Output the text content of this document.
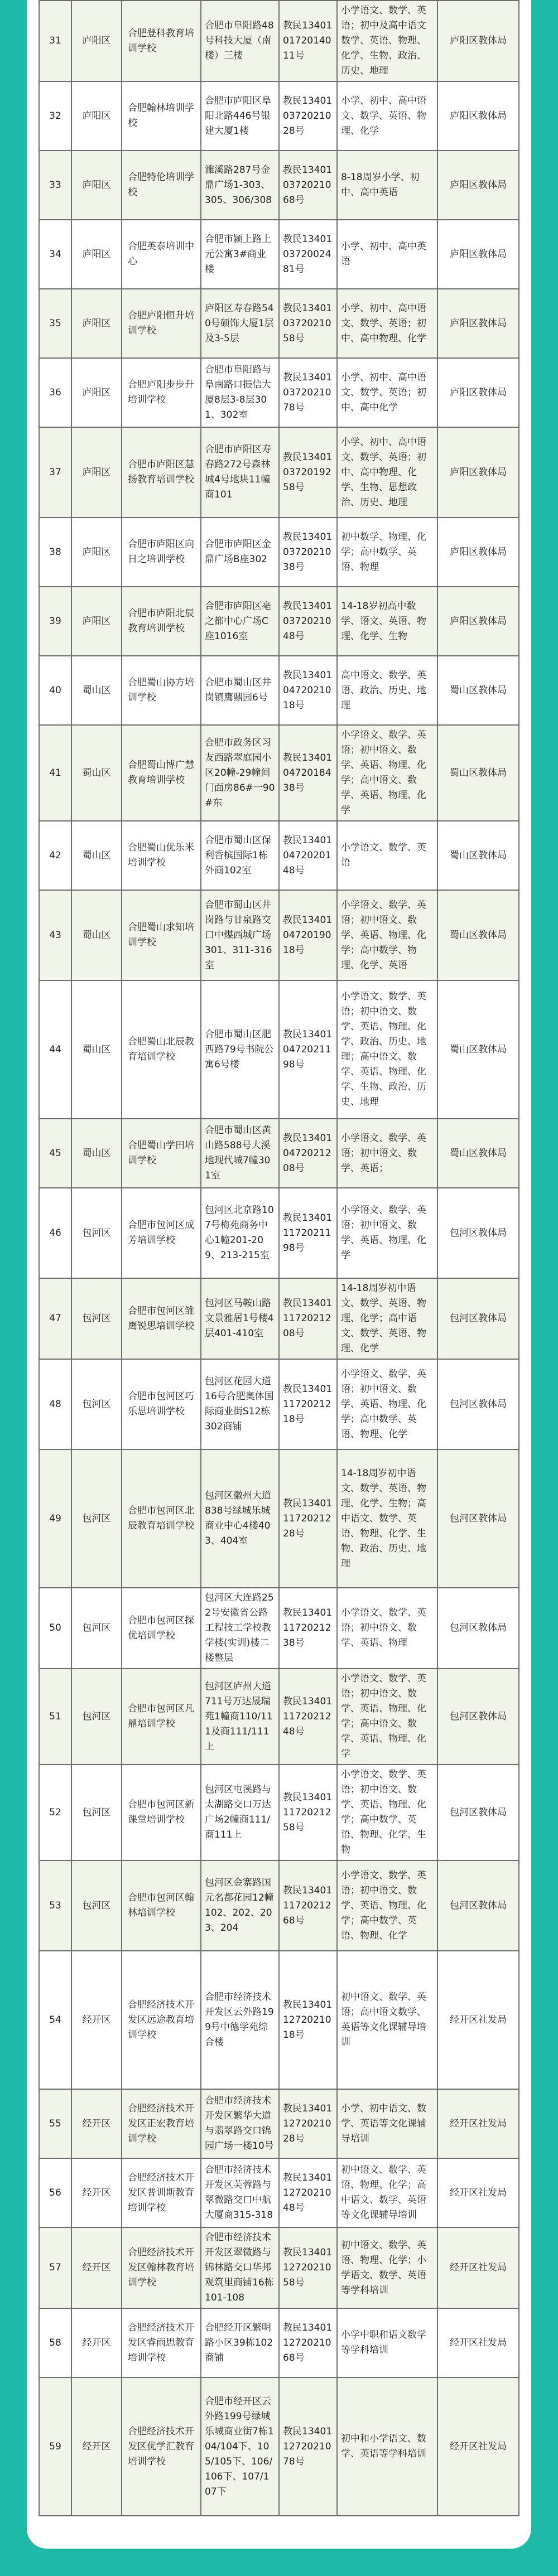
31	庐阳区	合肥登科教育培训学校	合肥市阜阳路48号科技大厦（南楼）三楼	教民134010172014011号	小学语文、数学、英语；初中及高中语文数学、英语、物理、化学、生物、政治、历史、地理	庐阳区教体局
32	庐阳区	合肥翰林培训学校	合肥市庐阳区阜阳北路446号银建大厦1楼	教民134010372021028号	小学、初中、高中语文、数学、英语、物理、化学	庐阳区教体局
33	庐阳区	合肥特伦培训学校	濉溪路287号金鼎广场1-303、305、306/308	教民134010372021068号	8-18周岁小学、初中、高中英语	庐阳区教体局
34	庐阳区	合肥英泰培训中心	合肥市颍上路上元公寓3#商业楼	教民134010372002481号	小学、初中、高中英语	庐阳区教体局
35	庐阳区	合肥庐阳恒升培训学校	庐阳区寿春路540号硕饰大厦1层及3-5层	教民134010372021058号	小学、初中、高中语文、数学、英语；初中、高中物理、化学	庐阳区教体局
36	庐阳区	合肥庐阳步步升培训学校	合肥市阜阳路与阜南路口振信大厦8层3-8层301、302室	教民134010372021078号	小学、初中、高中语文、数学、英语；初中、高中化学	庐阳区教体局
37	庐阳区	合肥市庐阳区慧扬教育培训学校	合肥市庐阳区寿春路272号森林城4号地块11幢商101	教民134010372019258号	小学、初中、高中语文、数学、英语；初中、高中物理、化学、生物、思想政治、历史、地理	庐阳区教体局
38	庐阳区	合肥市庐阳区向日之培训学校	合肥市庐阳区金鼎广场B座302	教民134010372021038号	初中数学、物理、化学；高中数学、英语、物理	庐阳区教体局
39	庐阳区	合肥市庐阳北辰教育培训学校	合肥市庐阳区亳之都中心广场C座1016室	教民134010372021048号	14-18岁初高中数学、语文、英语、物理、化学、生物	庐阳区教体局
40	蜀山区	合肥蜀山协方培训学校	合肥市蜀山区井岗镇鹰鼎园6号	教民134010472021018号	高中语文、数学、英语、政治、历史、地理	蜀山区教体局
41	蜀山区	合肥蜀山博广慧教育培训学校	合肥市政务区习友西路翠庭园小区20幢-29幢间门面房86#一90#东	教民134010472018438号	小学语文、数学、英语；初中语文、数学、英语、物理、化学；高中语文、数学、英语、物理、化学	蜀山区教体局
42	蜀山区	合肥蜀山优乐米培训学校	合肥市蜀山区保利香槟国际1栋外商102室	教民134010472020148号	小学语文、数学、英语	蜀山区教体局
43	蜀山区	合肥蜀山求知培训学校	合肥市蜀山区井岗路与甘泉路交口中煤西城广场301、311-316室	教民134010472019018号	小学语文、数学、英语；初中语文、数学、英语、物理、化学；高中数学、物理、化学、英语	蜀山区教体局
44	蜀山区	合肥蜀山北辰教育培训学校	合肥市蜀山区肥西路79号书院公寓6号楼	教民134010472021198号	小学语文、数学、英语；初中语文、数学、英语、物理、化学、政治、历史、地理；高中语文、数学、英语、物理、化学、生物、政治、历史、地理	蜀山区教体局
45	蜀山区	合肥蜀山学田培训学校	合肥市蜀山区黄山路588号大溪地现代城7幢301室	教民134010472021208号	小学语文、数学、英语；初中语文、数学、英语；	蜀山区教体局
46	包河区	合肥市包河区成芳培训学校	包河区北京路107号梅苑商务中心1幢201-209、213-215室	教民134011172021198号	小学语文、数学、英语；初中语文、数学、英语、物理、化学	包河区教体局
47	包河区	合肥市包河区雏鹰锐思培训学校	包河区马鞍山路文景雅居1号楼4层401-410室	教民134011172021208号	14-18周岁初中语文、数学、英语、物理、化学；高中语文、数学、英语、物理、化学	包河区教体局
48	包河区	合肥市包河区巧乐思培训学校	包河区花园大道16号合肥奥体国际商业街S12栋302商铺	教民134011172021218号	小学语文、数学、英语；初中语文、数学、英语、物理、化学；高中数学、英语、物理、化学	包河区教体局
49	包河区	合肥市包河区北辰教育培训学校	包河区徽州大道838号绿城乐城商业中心4楼403、404室	教民134011172021228号	14-18周岁初中语文、数学、英语、物理、化学、生物；高中语文、数学、英语、物理、化学、生物、政治、历史、地理	包河区教体局
50	包河区	合肥市包河区探优培训学校	包河区大连路252号安徽省公路工程技工学校教学楼(实训)楼二楼整层	教民134011172021238号	小学语文、数学、英语；初中语文、数学、英语、物理	包河区教体局
51	包河区	合肥市包河区凡鼎培训学校	包河区庐州大道711号万达晟瑞苑1幢商110/111及商111/111上	教民134011172021248号	小学语文、数学、英语；初中语文、数学、英语、物理、化学；高中语文、数学、英语、物理、化学	包河区教体局
52	包河区	合肥市包河区新课堂培训学校	包河区屯溪路与太湖路交口万达广场2幢商111/商111上	教民134011172021258号	小学语文、数学、英语；初中语文、数学、英语、物理、化学；高中数学、英语、物理、化学、生物	包河区教体局
53	包河区	合肥市包河区翰林培训学校	包河区金寨路国元名都花园12幢102、202、203、204	教民134011172021268号	小学语文、数学、英语；初中语文、数学、英语、物理、化学；高中数学、英语、物理、化学	包河区教体局
54	经开区	合肥经济技术开发区远途教育培训学校	合肥市经济技术开发区云外路199号中德学苑综合楼	教民134011272021018号	初中语文、数学、英语；高中语文数学、英语等文化课辅导培训	经开区社发局
55	经开区	合肥经济技术开发区正宏教育培训学校	合肥市经济技术开发区繁华大道与翡翠路交口锦园广场一楼10号	教民134011272021028号	小学、初中语文、数学、英语等文化课辅导培训	经开区社发局
56	经开区	合肥经济技术开发区普训斯教育培训学校	合肥市经济技术开发区芙蓉路与翠微路交口中航大厦商315-318	教民134011272021048号	初中语文、数学、英语、物理、化学；高中语文、数学、英语等文化课辅导培训	经开区社发局
57	经开区	合肥经济技术开发区翰林教育培训学校	合肥市经济技术开发区翠微路与锦林路交口华邦观筑里商铺16栋101-108	教民134011272021058号	初中语文、数学、英语、物理、化学；小学语文、数学、英语等学科培训	经开区社发局
58	经开区	合肥经济技术开发区睿雨思教育培训学校	合肥经开区繁明路小区39栋102商铺	教民134011272021068号	小学中职和语文数学等学科培训	经开区社发局
59	经开区	合肥经济技术开发区优学汇教育培训学校	合肥市经开区云外路199号绿城乐城商业街7栋104/104下、105/105下、106/106下、107/107下	教民134011272021078号	初中和小学语文、数学、英语等学科培训	经开区社发局
